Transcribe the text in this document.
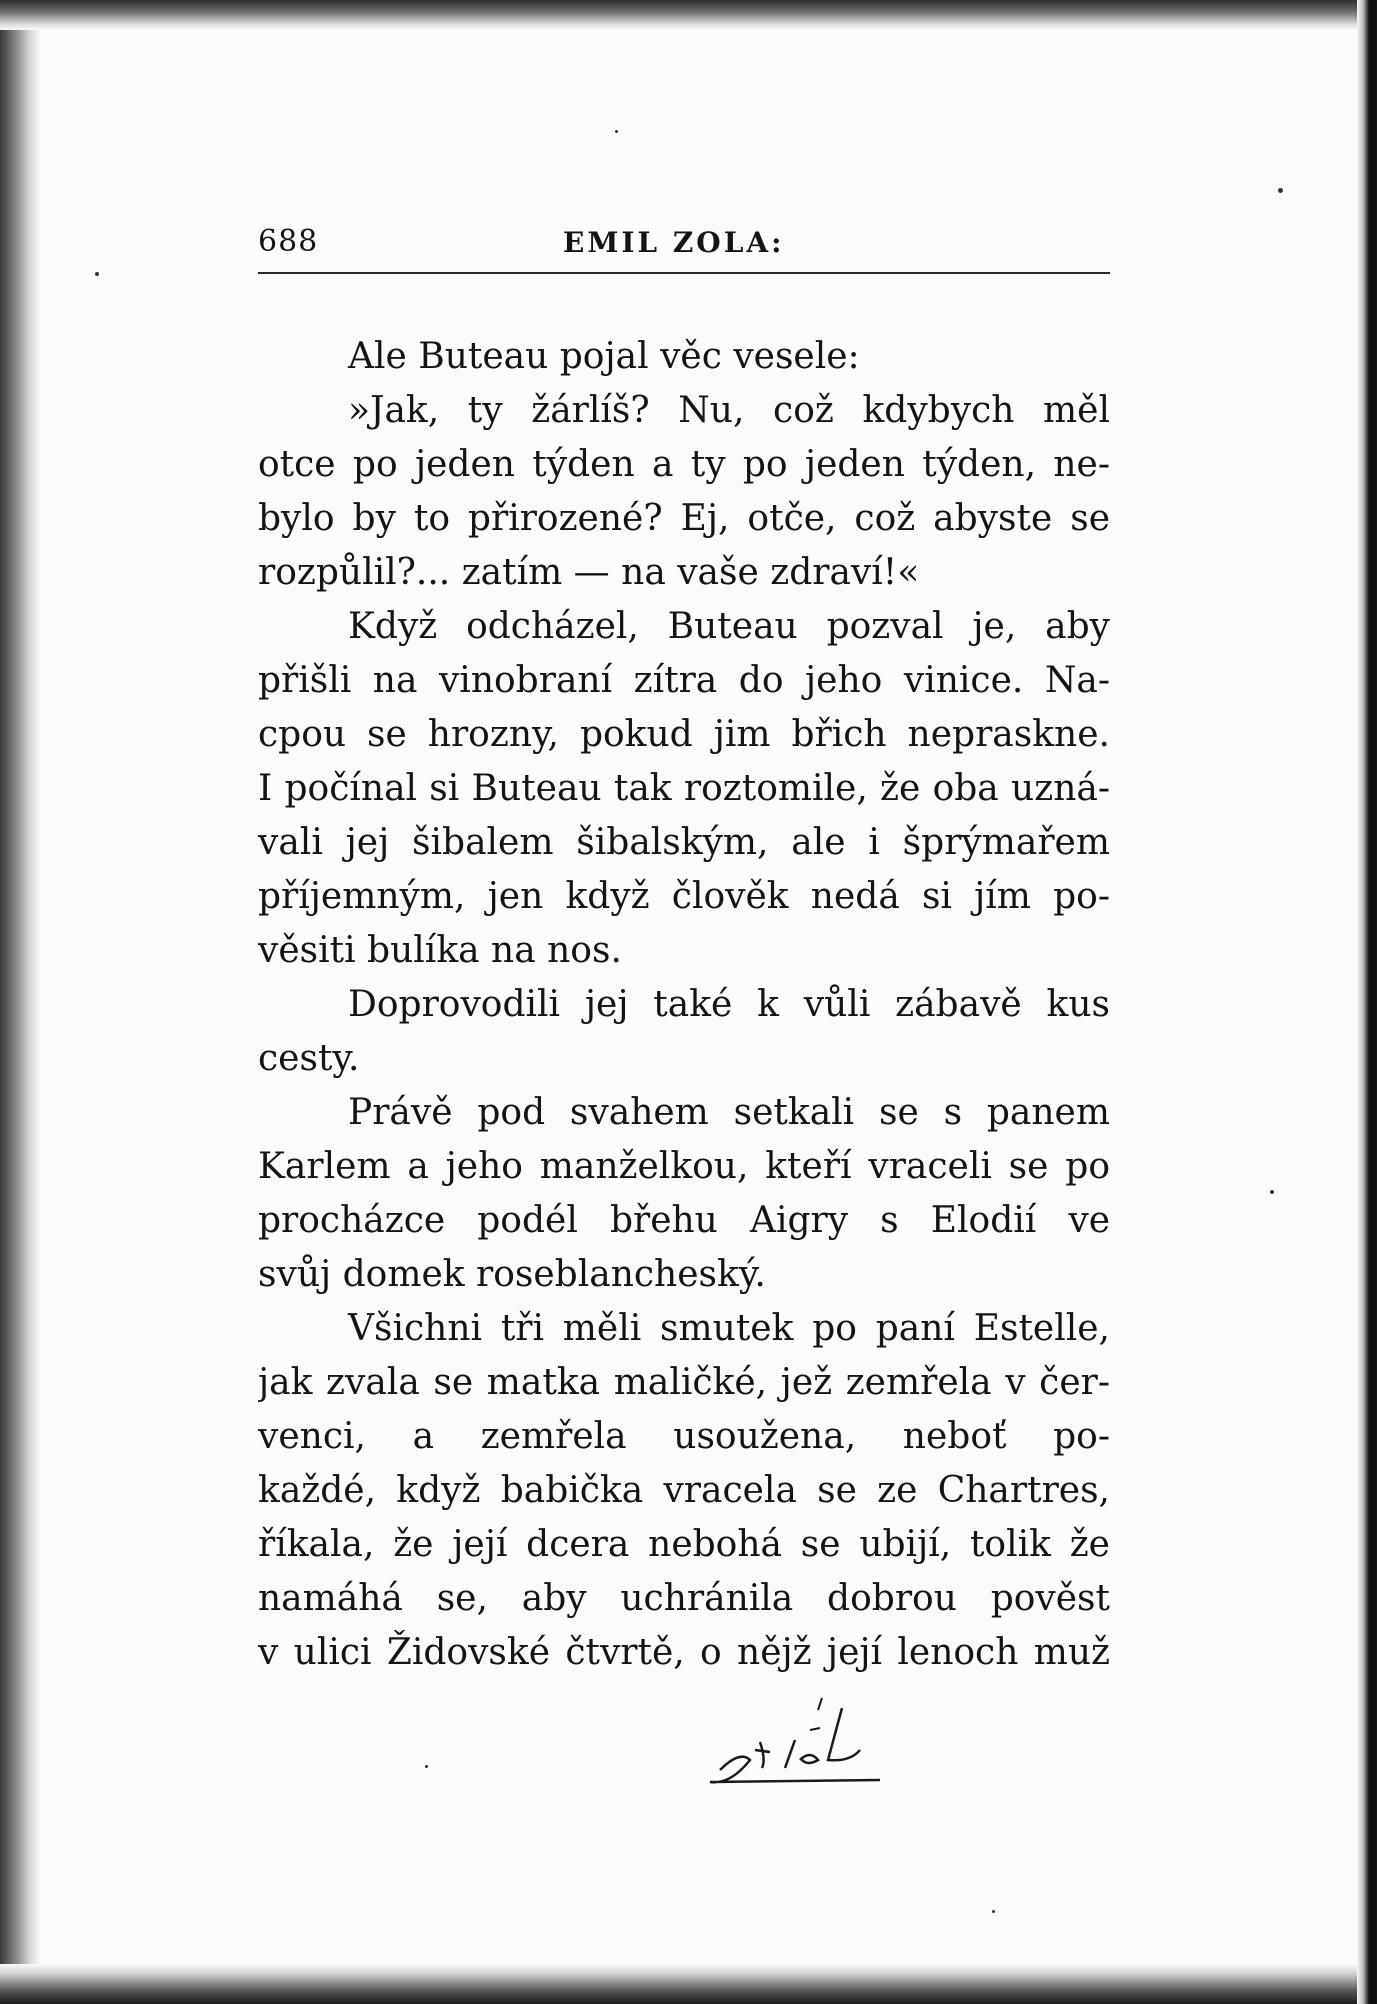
688	EMIL ZOLA:
Ale Buteau pojal věc vesele:
»Jak, ty žárlíš? Nu, což kdybych měl
otce po jeden týden a ty po jeden týden, ne-
bylo by to přirozené? Ej, otče, což abyste se
rozpůlil?... zatím — na vaše zdraví!«
Když odcházel, Buteau pozval je, aby
přišli na vinobraní zítra do jeho vinice. Na-
cpou se hrozny, pokud jim břich nepraskne.
I počínal si Buteau tak roztomile, že oba uzná-
vali jej šibalem šibalským, ale i šprýmařem
příjemným, jen když člověk nedá si jím po-
věsiti bulíka na nos.
Doprovodili jej také k vůli zábavě kus
cesty.
Právě pod svahem setkali se s panem
Karlem a jeho manželkou, kteří vraceli se po
procházce podél břehu Aigry s Elodií ve
svůj domek roseblancheský.
Všichni tři měli smutek po paní Estelle,
jak zvala se matka maličké, jež zemřela v čer-
venci, a zemřela usoužena, neboť po-
každé, když babička vracela se ze Chartres,
říkala, že její dcera nebohá se ubijí, tolik že
namáhá se, aby uchránila dobrou pověst
v ulici Židovské čtvrtě, o nějž její lenoch muž
